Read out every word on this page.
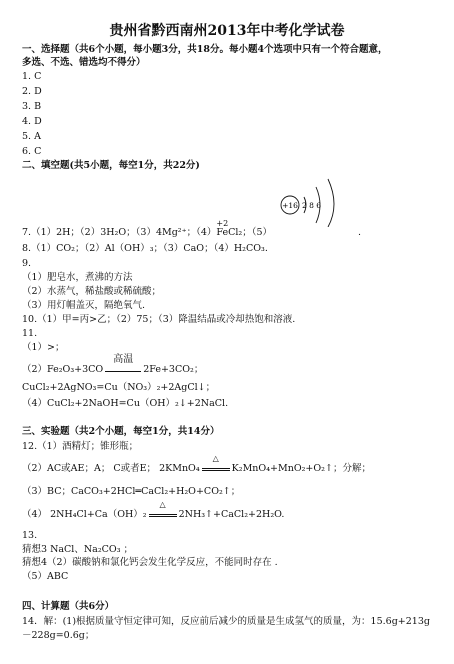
贵州省黔西南州2013年中考化学试卷
一、选择题（共6个小题，每小题3分，共18分。每小题4个选项中只有一个符合题意，
多选、不选、错选均不得分）
1. C
2. D
3. B
4. D
5. A
6. C
二、填空题(共5小题，每空1分，共22分)
+16 2 8 6
7.（1）2H；（2）3H₂O；（3）4Mg²⁺；（4）
+2
FeCl₂；（5）	.
8.（1）CO₂；（2）Al（OH）₃；（3）CaO；（4）H₂CO₃.
9.
（1）肥皂水，煮沸的方法
（2）水蒸气，稀盐酸或稀硫酸；
（3）用灯帽盖灭，隔绝氧气.
10.（1）甲=丙>乙；（2）75；（3）降温结晶或冷却热饱和溶液.
11.
（1）>；
（2）Fe₂O₃+3CO
高温
2Fe+3CO₂；
CuCl₂+2AgNO₃=Cu（NO₃）₂+2AgCl↓；
（4）CuCl₂+2NaOH=Cu（OH）₂↓+2NaCl.
三、实验题（共2个小题，每空1分，共14分）
12.（1）酒精灯；锥形瓶；
（2）AC或AE；A； C或者E； 2KMnO₄
△
K₂MnO₄+MnO₂+O₂↑；分解；
（3）BC；CaCO₃+2HCl═CaCl₂+H₂O+CO₂↑；
（4） 2NH₄Cl+Ca（OH）₂
△
2NH₃↑+CaCl₂+2H₂O.
13.
猜想3 NaCl、Na₂CO₃ ；
猜想4（2）碳酸钠和氯化钙会发生化学反应，不能同时存在 .
（5）ABC
四、计算题（共6分）
14．解：(1)根据质量守恒定律可知，反应前后减少的质量是生成氢气的质量，为：15.6g+213g
－228g=0.6g；
